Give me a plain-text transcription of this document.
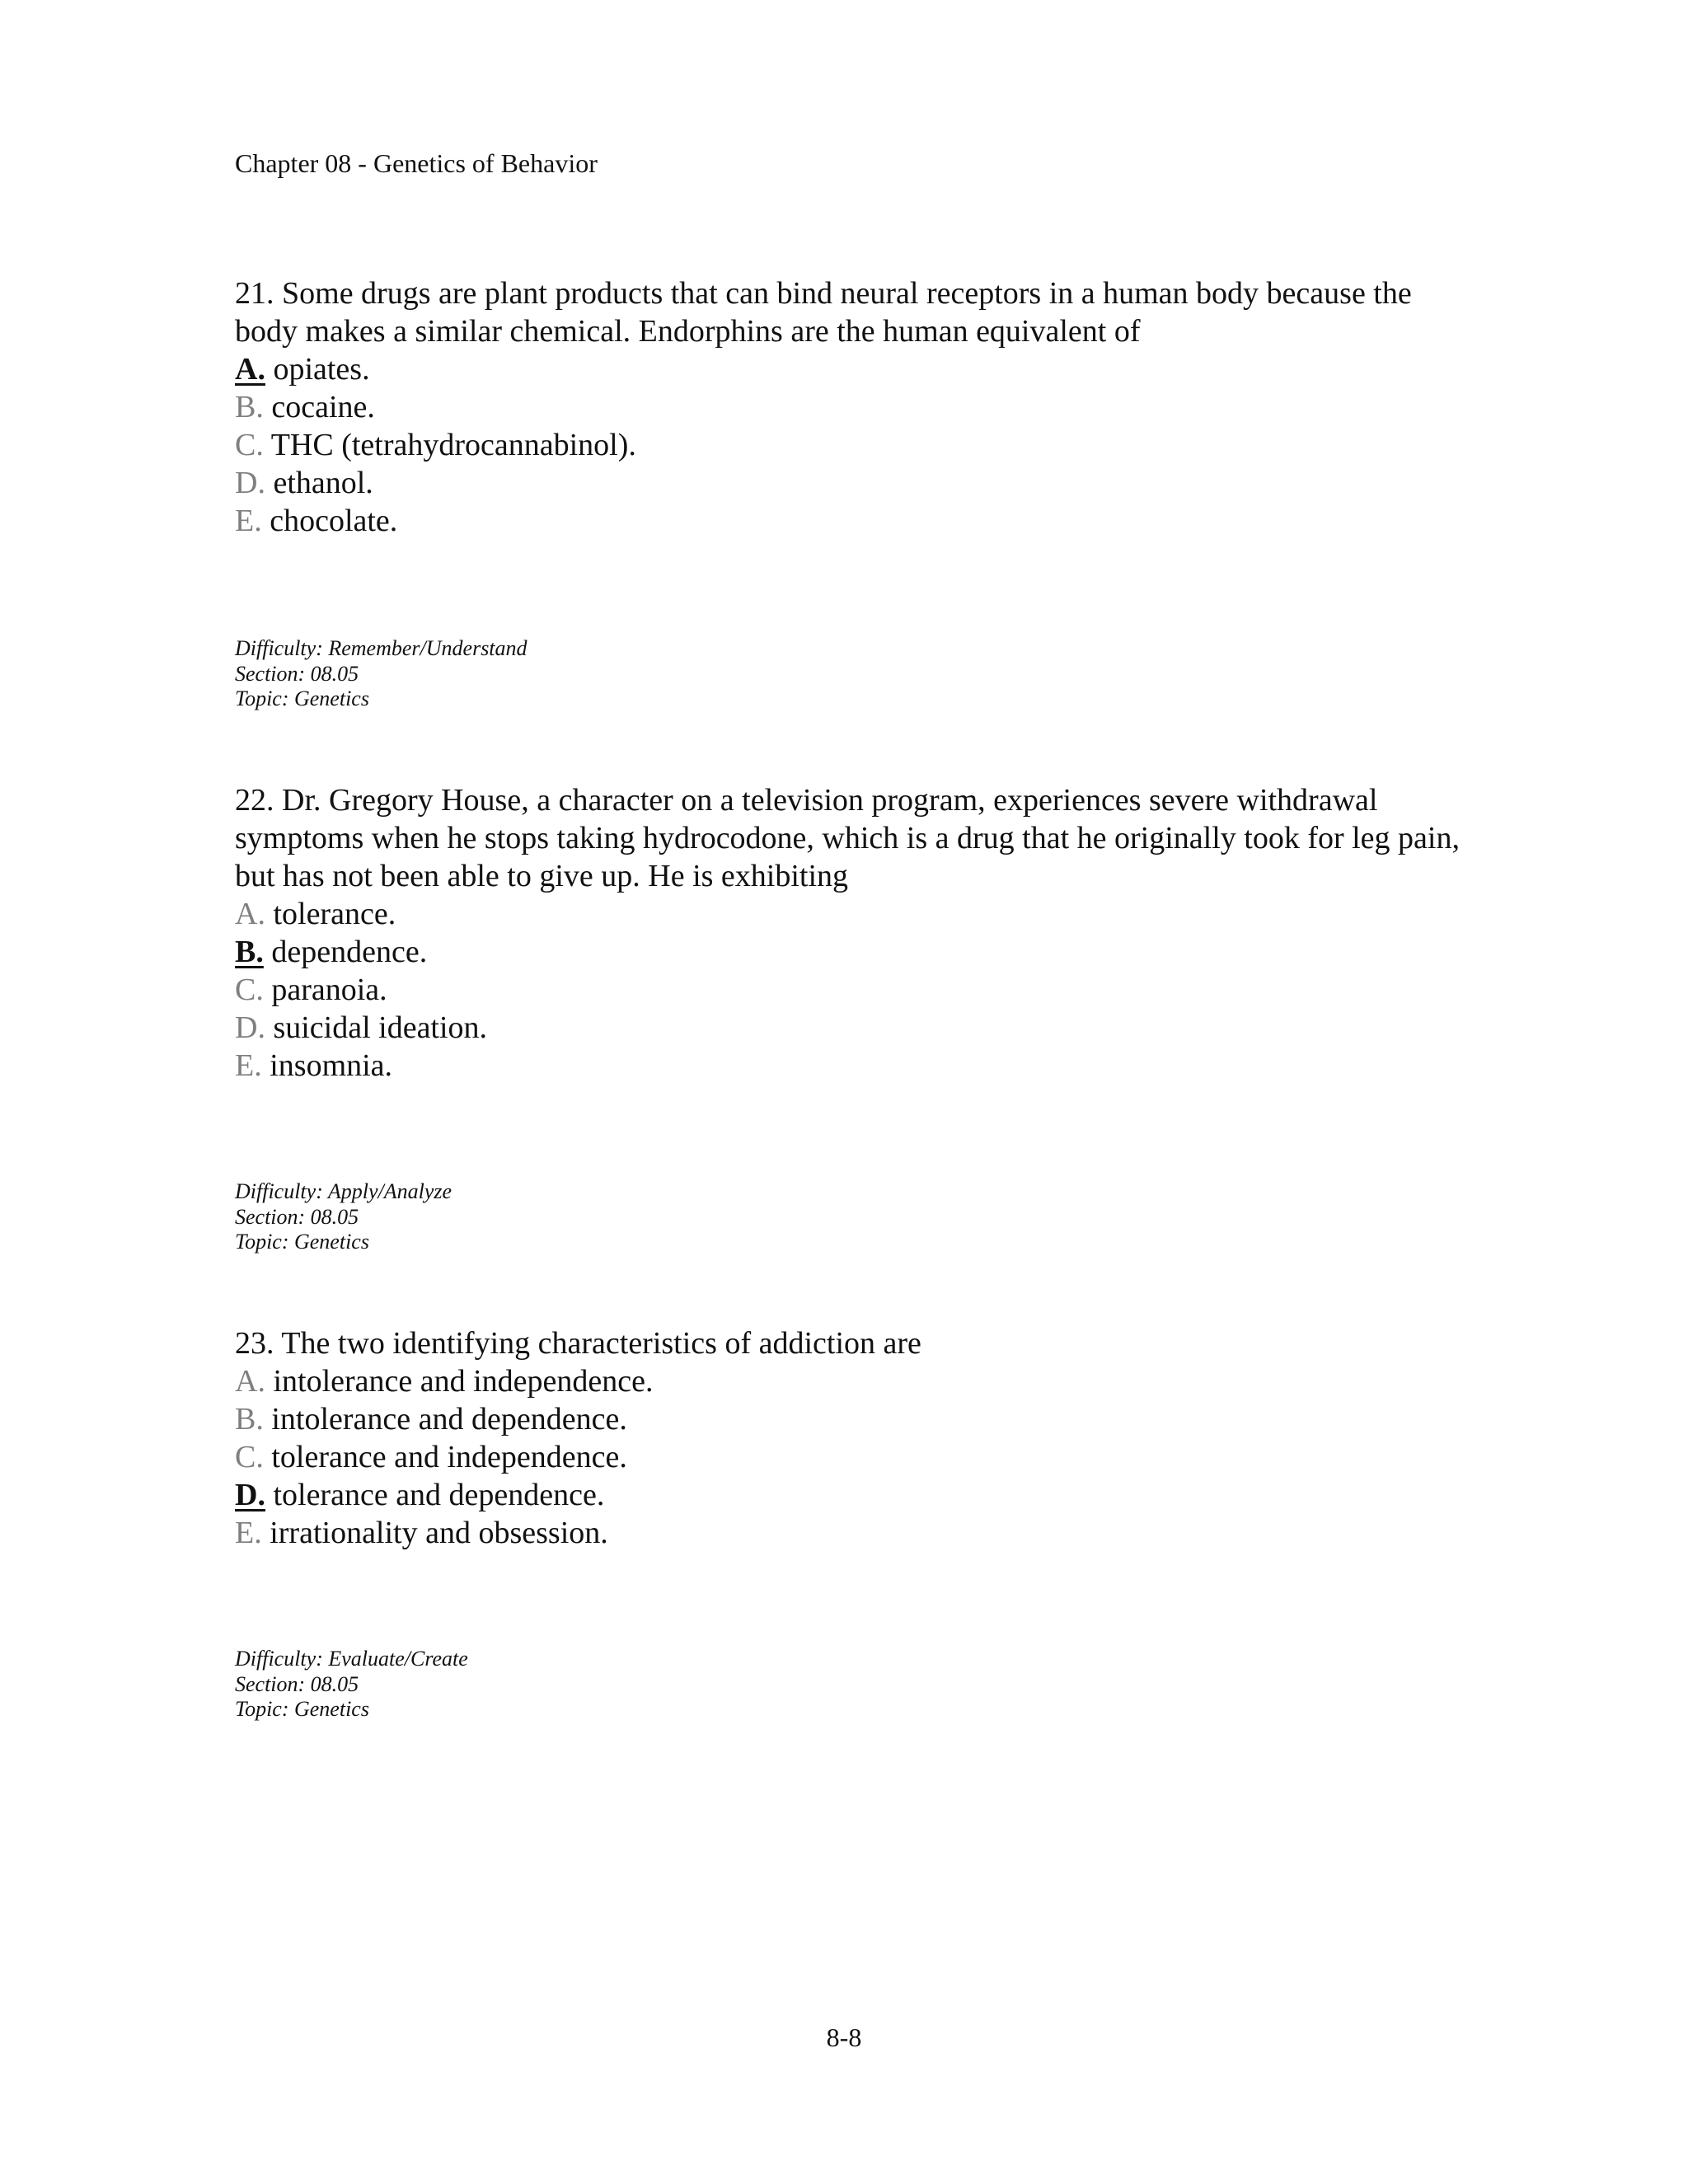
Chapter 08 - Genetics of Behavior

21. Some drugs are plant products that can bind neural receptors in a human body because the body makes a similar chemical. Endorphins are the human equivalent of

A. opiates.
B. cocaine.
C. THC (tetrahydrocannabinol).
D. ethanol.
E. chocolate.
Difficulty: Remember/Understand
Section: 08.05
Topic: Genetics

22. Dr. Gregory House, a character on a television program, experiences severe withdrawal symptoms when he stops taking hydrocodone, which is a drug that he originally took for leg pain, but has not been able to give up. He is exhibiting

A. tolerance.
B. dependence.
C. paranoia.
D. suicidal ideation.
E. insomnia.
Difficulty: Apply/Analyze
Section: 08.05
Topic: Genetics

23. The two identifying characteristics of addiction are

A. intolerance and independence.
B. intolerance and dependence.
C. tolerance and independence.
D. tolerance and dependence.
E. irrationality and obsession.
Difficulty: Evaluate/Create
Section: 08.05
Topic: Genetics
8-8
